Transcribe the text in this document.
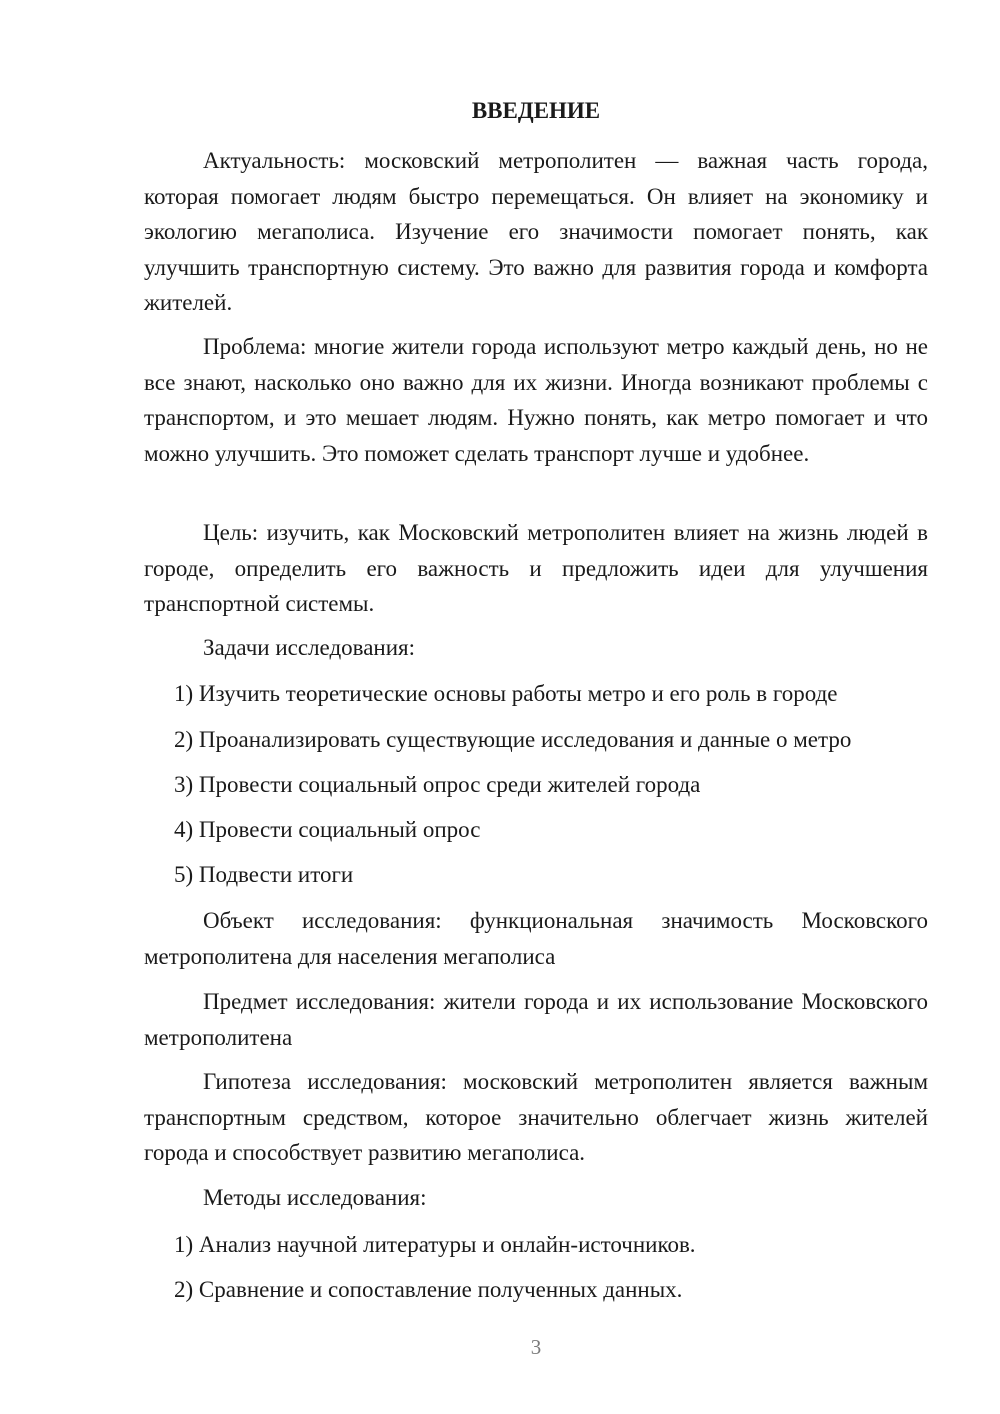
ВВЕДЕНИЕ

Актуальность: московский метрополитен — важная часть города, которая помогает людям быстро перемещаться. Он влияет на экономику и экологию мегаполиса. Изучение его значимости помогает понять, как улучшить транспортную систему. Это важно для развития города и комфорта жителей.

Проблема: многие жители города используют метро каждый день, но не все знают, насколько оно важно для их жизни. Иногда возникают проблемы с транспортом, и это мешает людям. Нужно понять, как метро помогает и что можно улучшить. Это поможет сделать транспорт лучше и удобнее.

Цель: изучить, как Московский метрополитен влияет на жизнь людей в городе, определить его важность и предложить идеи для улучшения транспортной системы.

Задачи исследования:

1) Изучить теоретические основы работы метро и его роль в городе

2) Проанализировать существующие исследования и данные о метро

3) Провести социальный опрос среди жителей города

4) Провести социальный опрос

5) Подвести итоги

Объект исследования: функциональная значимость Московского метрополитена для населения мегаполиса

Предмет исследования: жители города и их использование Московского метрополитена

Гипотеза исследования: московский метрополитен является важным транспортным средством, которое значительно облегчает жизнь жителей города и способствует развитию мегаполиса.

Методы исследования:

1) Анализ научной литературы и онлайн-источников.

2) Сравнение и сопоставление полученных данных.

3
